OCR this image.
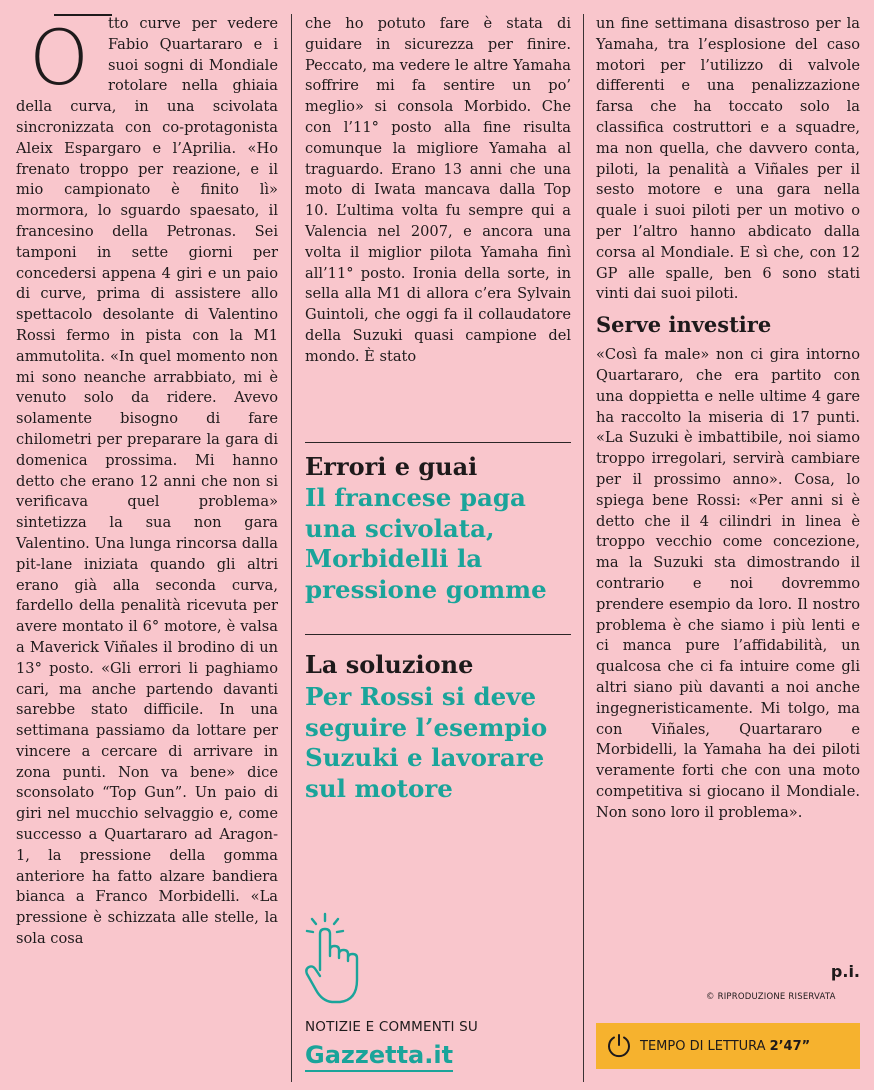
O	tto curve per vedere Fabio Quartararo e i suoi sogni di Mondiale rotolare nella ghiaia della curva, in una scivolata sincronizzata con co-protagonista Aleix Espargaro e l’Aprilia. «Ho frenato troppo per reazione, e il mio campionato è finito lì» mormora, lo sguardo spaesato, il francesino della Petronas. Sei tamponi in sette giorni per concedersi appena 4 giri e un paio di curve, prima di assistere allo spettacolo desolante di Valentino Rossi fermo in pista con la M1 ammutolita. «In quel momento non mi sono neanche arrabbiato, mi è venuto solo da ridere. Avevo solamente bisogno di fare chilometri per preparare la gara di domenica prossima. Mi hanno detto che erano 12 anni che non si verificava quel problema» sintetizza la sua non gara Valentino. Una lunga rincorsa dalla pit-lane iniziata quando gli altri erano già alla seconda curva, fardello della penalità ricevuta per avere montato il 6° motore, è valsa a Maverick Viñales il brodino di un 13° posto. «Gli errori li paghiamo cari, ma anche partendo davanti sarebbe stato difficile. In una settimana passiamo da lottare per vincere a cercare di arrivare in zona punti. Non va bene» dice sconsolato “Top Gun”. Un paio di giri nel mucchio selvaggio e, come successo a Quartararo ad Aragon-1, la pressione della gomma anteriore ha fatto alzare bandiera bianca a Franco Morbidelli. «La pressione è schizzata alle stelle, la sola cosa

che ho potuto fare è stata di guidare in sicurezza per finire. Peccato, ma vedere le altre Yamaha soffrire mi fa sentire un po’ meglio» si consola Morbido. Che con l’11° posto alla fine risulta comunque la migliore Yamaha al traguardo. Erano 13 anni che una moto di Iwata mancava dalla Top 10. L’ultima volta fu sempre qui a Valencia nel 2007, e ancora una volta il miglior pilota Yamaha finì all’11° posto. Ironia della sorte, in sella alla M1 di allora c’era Sylvain Guintoli, che oggi fa il collaudatore della Suzuki quasi campione del mondo. È stato

Errori e guai

Il francese paga una scivolata, Morbidelli la pressione gomme

La soluzione

Per Rossi si deve seguire l’esempio Suzuki e lavorare sul motore

NOTIZIE E COMMENTI SU
Gazzetta.it

un fine settimana disastroso per la Yamaha, tra l’esplosione del caso motori per l’utilizzo di valvole differenti e una penalizzazione farsa che ha toccato solo la classifica costruttori e a squadre, ma non quella, che davvero conta, piloti, la penalità a Viñales per il sesto motore e una gara nella quale i suoi piloti per un motivo o per l’altro hanno abdicato dalla corsa al Mondiale. E sì che, con 12 GP alle spalle, ben 6 sono stati vinti dai suoi piloti.

Serve investire

«Così fa male» non ci gira intorno Quartararo, che era partito con una doppietta e nelle ultime 4 gare ha raccolto la miseria di 17 punti. «La Suzuki è imbattibile, noi siamo troppo irregolari, servirà cambiare per il prossimo anno». Cosa, lo spiega bene Rossi: «Per anni si è detto che il 4 cilindri in linea è troppo vecchio come concezione, ma la Suzuki sta dimostrando il contrario e noi dovremmo prendere esempio da loro. Il nostro problema è che siamo i più lenti e ci manca pure l’affidabilità, un qualcosa che ci fa intuire come gli altri siano più davanti a noi anche ingegneristicamente. Mi tolgo, ma con Viñales, Quartararo e Morbidelli, la Yamaha ha dei piloti veramente forti che con una moto competitiva si giocano il Mondiale. Non sono loro il problema».

p.i.
© RIPRODUZIONE RISERVATA
TEMPO DI LETTURA 2’47”
